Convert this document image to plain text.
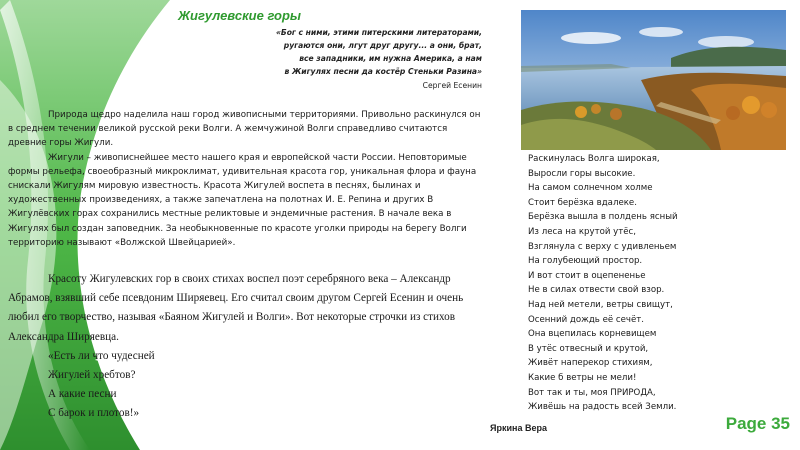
Жигулевские горы
«Бог с ними, этими питерскими литераторами,
ругаются они, лгут друг другу... а они, брат,
все западники, им нужна Америка, а нам
в Жигулях песни да костёр Стеньки Разина»
Сергей Есенин

Природа щедро наделила наш город живописными территориями. Привольно раскинулся он в среднем течении великой русской реки Волги. А жемчужиной Волги справедливо считаются древние горы Жигули.

Жигули – живописнейшее место нашего края и европейской части России. Неповторимые формы рельефа, своеобразный микроклимат, удивительная красота гор, уникальная флора и фауна снискали Жигулям мировую известность. Красота Жигулей воспета в песнях, былинах и художественных произведениях, а также запечатлена на полотнах И. Е. Репина и других В Жигулёвских горах сохранились местные реликтовые и эндемичные растения. В начале века в Жигулях был создан заповедник. За необыкновенные по красоте уголки природы на берегу Волги территорию называют «Волжской Швейцарией».

Красоту Жигулевских гор в своих стихах воспел поэт серебряного века – Александр Абрамов, взявший себе псевдоним Ширяевец. Его считал своим другом Сергей Есенин и очень любил его творчество, называя «Баяном Жигулей и Волги». Вот некоторые строчки из стихов Александра Ширяевца.

«Есть ли что чудесней
Жигулей хребтов?
А какие песни
С барок и плотов!»
Раскинулась Волга широкая,
Выросли горы высокие.
На самом солнечном холме
Стоит берёзка вдалеке.
Берёзка вышла в полдень ясный
Из леса на крутой утёс,
Взглянула с верху с удивленьем
На голубеющий простор.
И вот стоит в оцепененье
Не в силах отвести свой взор.
Над ней метели, ветры свищут,
Осенний дождь её сечёт.
Она вцепилась корневищем
В утёс отвесный и крутой,
Живёт наперекор стихиям,
Какие б ветры не мели!
Вот так и ты, моя ПРИРОДА,
Живёшь на радость всей Земли.
Яркина Вера	Page 35
